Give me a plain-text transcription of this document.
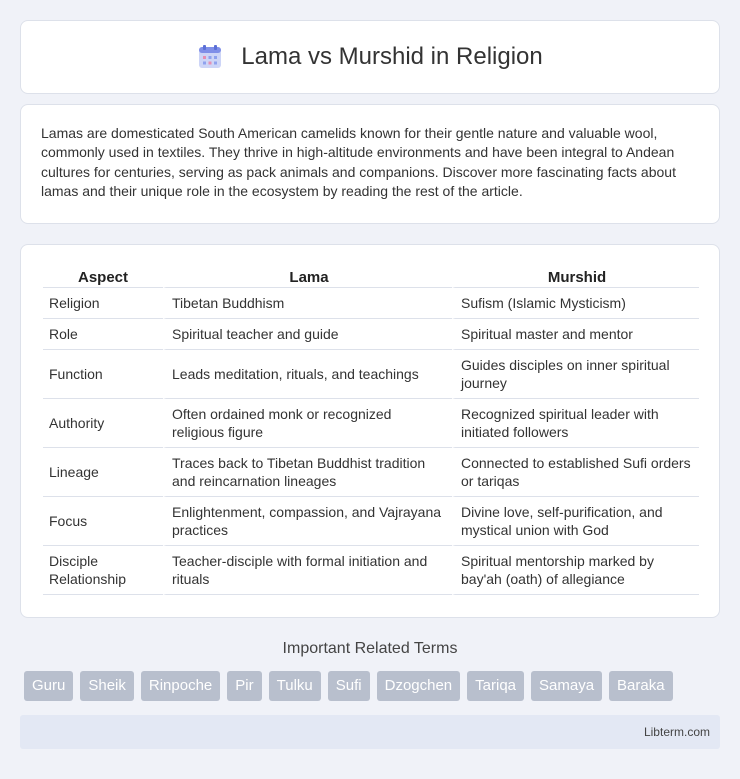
Lama vs Murshid in Religion

Lamas are domesticated South American camelids known for their gentle nature and valuable wool, commonly used in textiles. They thrive in high-altitude environments and have been integral to Andean cultures for centuries, serving as pack animals and companions. Discover more fascinating facts about lamas and their unique role in the ecosystem by reading the rest of the article.

Aspect	Lama	Murshid
Religion	Tibetan Buddhism	Sufism (Islamic Mysticism)
Role	Spiritual teacher and guide	Spiritual master and mentor
Function	Leads meditation, rituals, and teachings	Guides disciples on inner spiritual journey
Authority	Often ordained monk or recognized religious figure	Recognized spiritual leader with initiated followers
Lineage	Traces back to Tibetan Buddhist tradition and reincarnation lineages	Connected to established Sufi orders or tariqas
Focus	Enlightenment, compassion, and Vajrayana practices	Divine love, self-purification, and mystical union with God
Disciple Relationship	Teacher-disciple with formal initiation and rituals	Spiritual mentorship marked by bay'ah (oath) of allegiance
Important Related Terms
Guru	Sheik	Rinpoche	Pir	Tulku	Sufi	Dzogchen	Tariqa	Samaya	Baraka
Libterm.com
